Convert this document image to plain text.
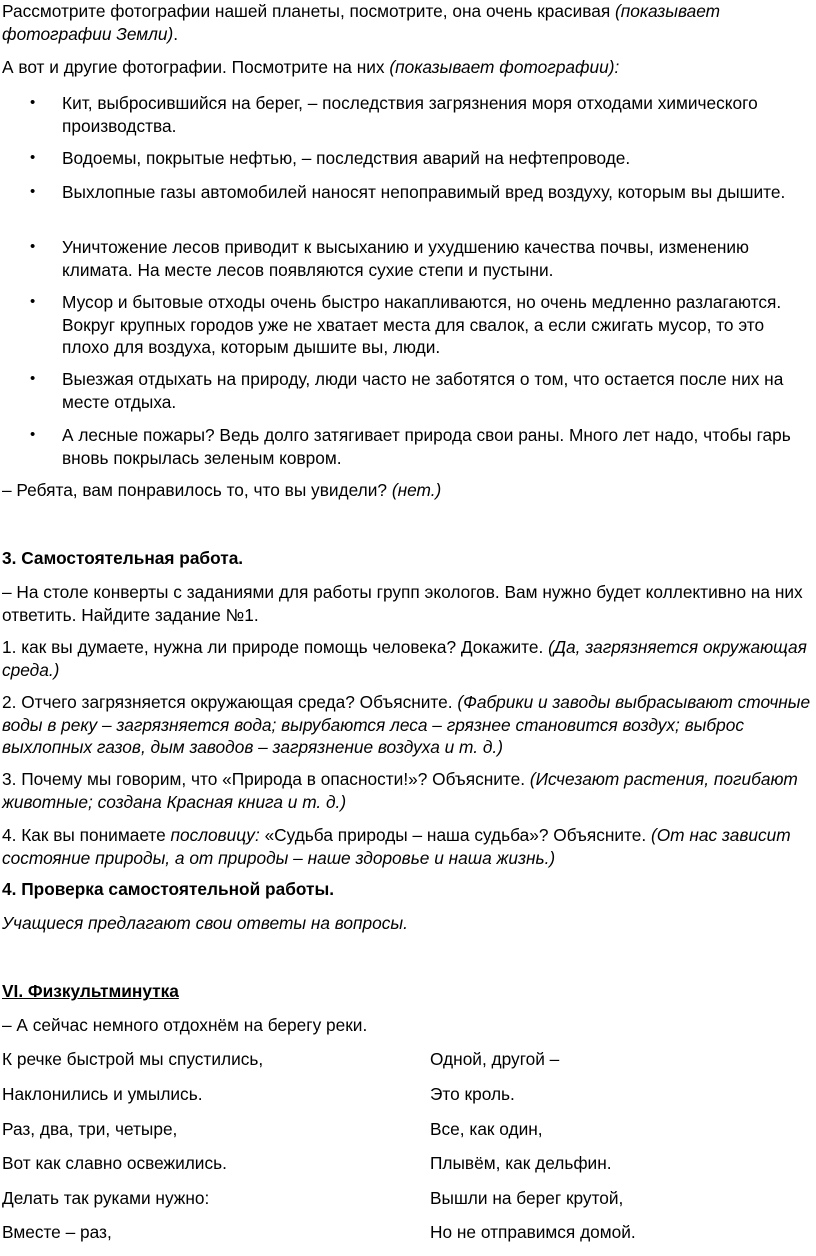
Рассмотрите фотографии нашей планеты, посмотрите, она очень красивая (показывает фотографии Земли).

А вот и другие фотографии. Посмотрите на них (показывает фотографии):

• Кит, выбросившийся на берег, – последствия загрязнения моря отходами химического производства.

• Водоемы, покрытые нефтью, – последствия аварий на нефтепроводе.

• Выхлопные газы автомобилей наносят непоправимый вред воздуху, которым вы дышите.

• Уничтожение лесов приводит к высыханию и ухудшению качества почвы, изменению климата. На месте лесов появляются сухие степи и пустыни.

• Мусор и бытовые отходы очень быстро накапливаются, но очень медленно разлагаются. Вокруг крупных городов уже не хватает места для свалок, а если сжигать мусор, то это плохо для воздуха, которым дышите вы, люди.

• Выезжая отдыхать на природу, люди часто не заботятся о том, что остается после них на месте отдыха.

• А лесные пожары? Ведь долго затягивает природа свои раны. Много лет надо, чтобы гарь вновь покрылась зеленым ковром.

– Ребята, вам понравилось то, что вы увидели? (нет.)

3. Самостоятельная работа.

– На столе конверты с заданиями для работы групп экологов. Вам нужно будет коллективно на них ответить. Найдите задание №1.

1. как вы думаете, нужна ли природе помощь человека? Докажите. (Да, загрязняется окружающая среда.)

2. Отчего загрязняется окружающая среда? Объясните. (Фабрики и заводы выбрасывают сточные воды в реку – загрязняется вода; вырубаются леса – грязнее становится воздух; выброс выхлопных газов, дым заводов – загрязнение воздуха и т. д.)

3. Почему мы говорим, что «Природа в опасности!»? Объясните. (Исчезают растения, погибают животные; создана Красная книга и т. д.)

4. Как вы понимаете пословицу: «Судьба природы – наша судьба»? Объясните. (От нас зависит состояние природы, а от природы – наше здоровье и наша жизнь.)

4. Проверка самостоятельной работы.

Учащиеся предлагают свои ответы на вопросы.

VI. Физкультминутка

– А сейчас немного отдохнём на берегу реки.

К речке быстрой мы спустились,	Одной, другой –
Наклонились и умылись.	Это кроль.
Раз, два, три, четыре,	Все, как один,
Вот как славно освежились.	Плывём, как дельфин.
Делать так руками нужно:	Вышли на берег крутой,
Вместе – раз,	Но не отправимся домой.
